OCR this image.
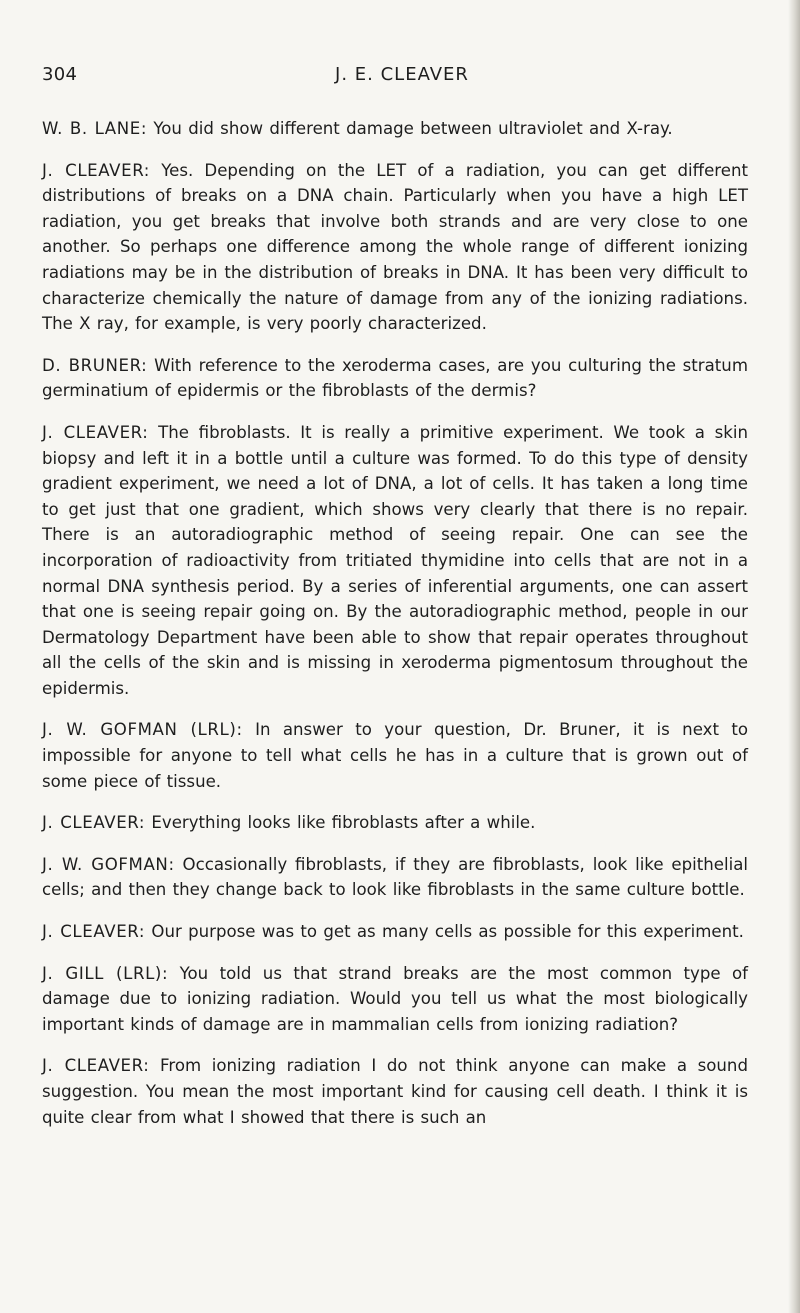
304	J. E. CLEAVER

W. B. LANE: You did show different damage between ultraviolet and X-ray.

J. CLEAVER: Yes. Depending on the LET of a radiation, you can get different distributions of breaks on a DNA chain. Particularly when you have a high LET radiation, you get breaks that involve both strands and are very close to one another. So perhaps one difference among the whole range of different ionizing radiations may be in the distribution of breaks in DNA. It has been very difficult to characterize chemically the nature of damage from any of the ionizing radiations. The X ray, for example, is very poorly characterized.

D. BRUNER: With reference to the xeroderma cases, are you culturing the stratum germinatium of epidermis or the fibroblasts of the dermis?

J. CLEAVER: The fibroblasts. It is really a primitive experiment. We took a skin biopsy and left it in a bottle until a culture was formed. To do this type of density gradient experiment, we need a lot of DNA, a lot of cells. It has taken a long time to get just that one gradient, which shows very clearly that there is no repair. There is an autoradiographic method of seeing repair. One can see the incorporation of radioactivity from tritiated thymidine into cells that are not in a normal DNA synthesis period. By a series of inferential arguments, one can assert that one is seeing repair going on. By the autoradiographic method, people in our Dermatology Department have been able to show that repair operates throughout all the cells of the skin and is missing in xeroderma pigmentosum throughout the epidermis.

J. W. GOFMAN (LRL): In answer to your question, Dr. Bruner, it is next to impossible for anyone to tell what cells he has in a culture that is grown out of some piece of tissue.

J. CLEAVER: Everything looks like fibroblasts after a while.

J. W. GOFMAN: Occasionally fibroblasts, if they are fibroblasts, look like epithelial cells; and then they change back to look like fibroblasts in the same culture bottle.

J. CLEAVER: Our purpose was to get as many cells as possible for this experiment.

J. GILL (LRL): You told us that strand breaks are the most common type of damage due to ionizing radiation. Would you tell us what the most biologically important kinds of damage are in mammalian cells from ionizing radiation?

J. CLEAVER: From ionizing radiation I do not think anyone can make a sound suggestion. You mean the most important kind for causing cell death. I think it is quite clear from what I showed that there is such an
